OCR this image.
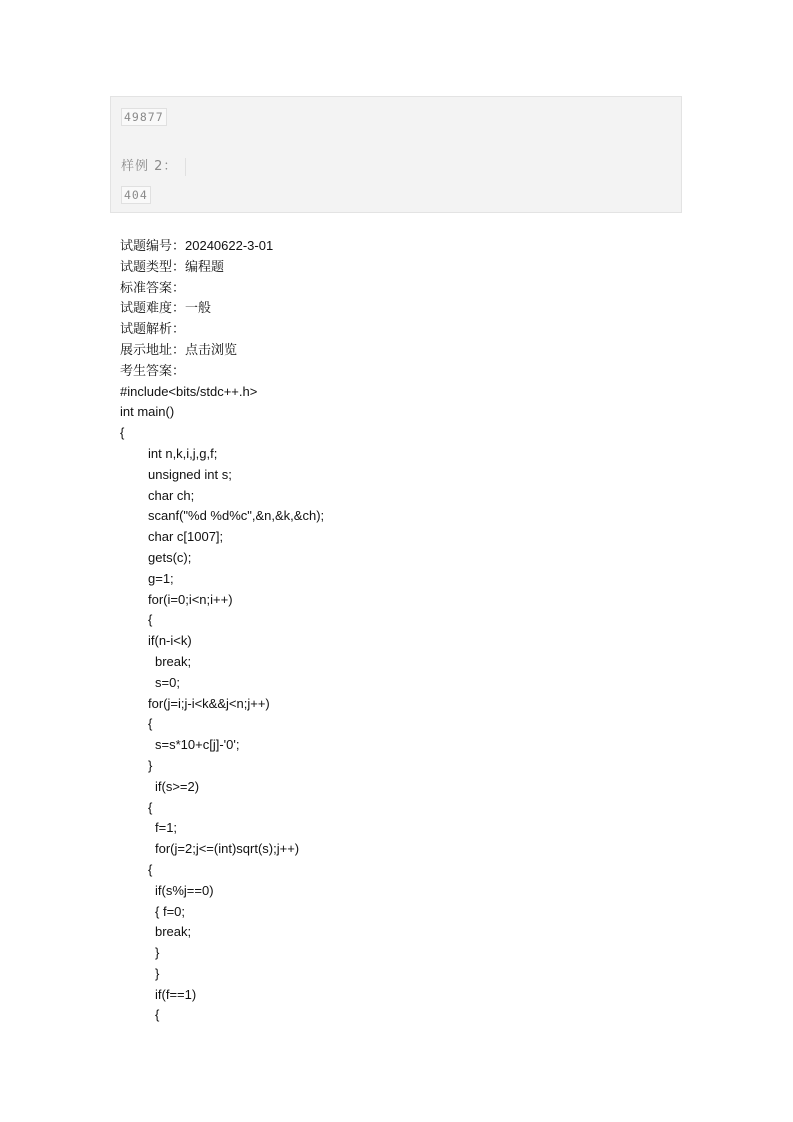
49877
样例 2：
404
试题编号：20240622-3-01
试题类型：编程题
标准答案：
试题难度：一般
试题解析：
展示地址：点击浏览
考生答案：
#include<bits/stdc++.h>
int main()
{
int n,k,i,j,g,f;
unsigned int s;
char ch;
scanf("%d %d%c",&n,&k,&ch);
char c[1007];
gets(c);
g=1;
for(i=0;i<n;i++)
{
if(n-i<k)
break;
s=0;
for(j=i;j-i<k&&j<n;j++)
{
s=s*10+c[j]-'0';
}
if(s>=2)
{
f=1;
for(j=2;j<=(int)sqrt(s);j++)
{
if(s%j==0)
{ f=0;
break;
}
}
if(f==1)
{
